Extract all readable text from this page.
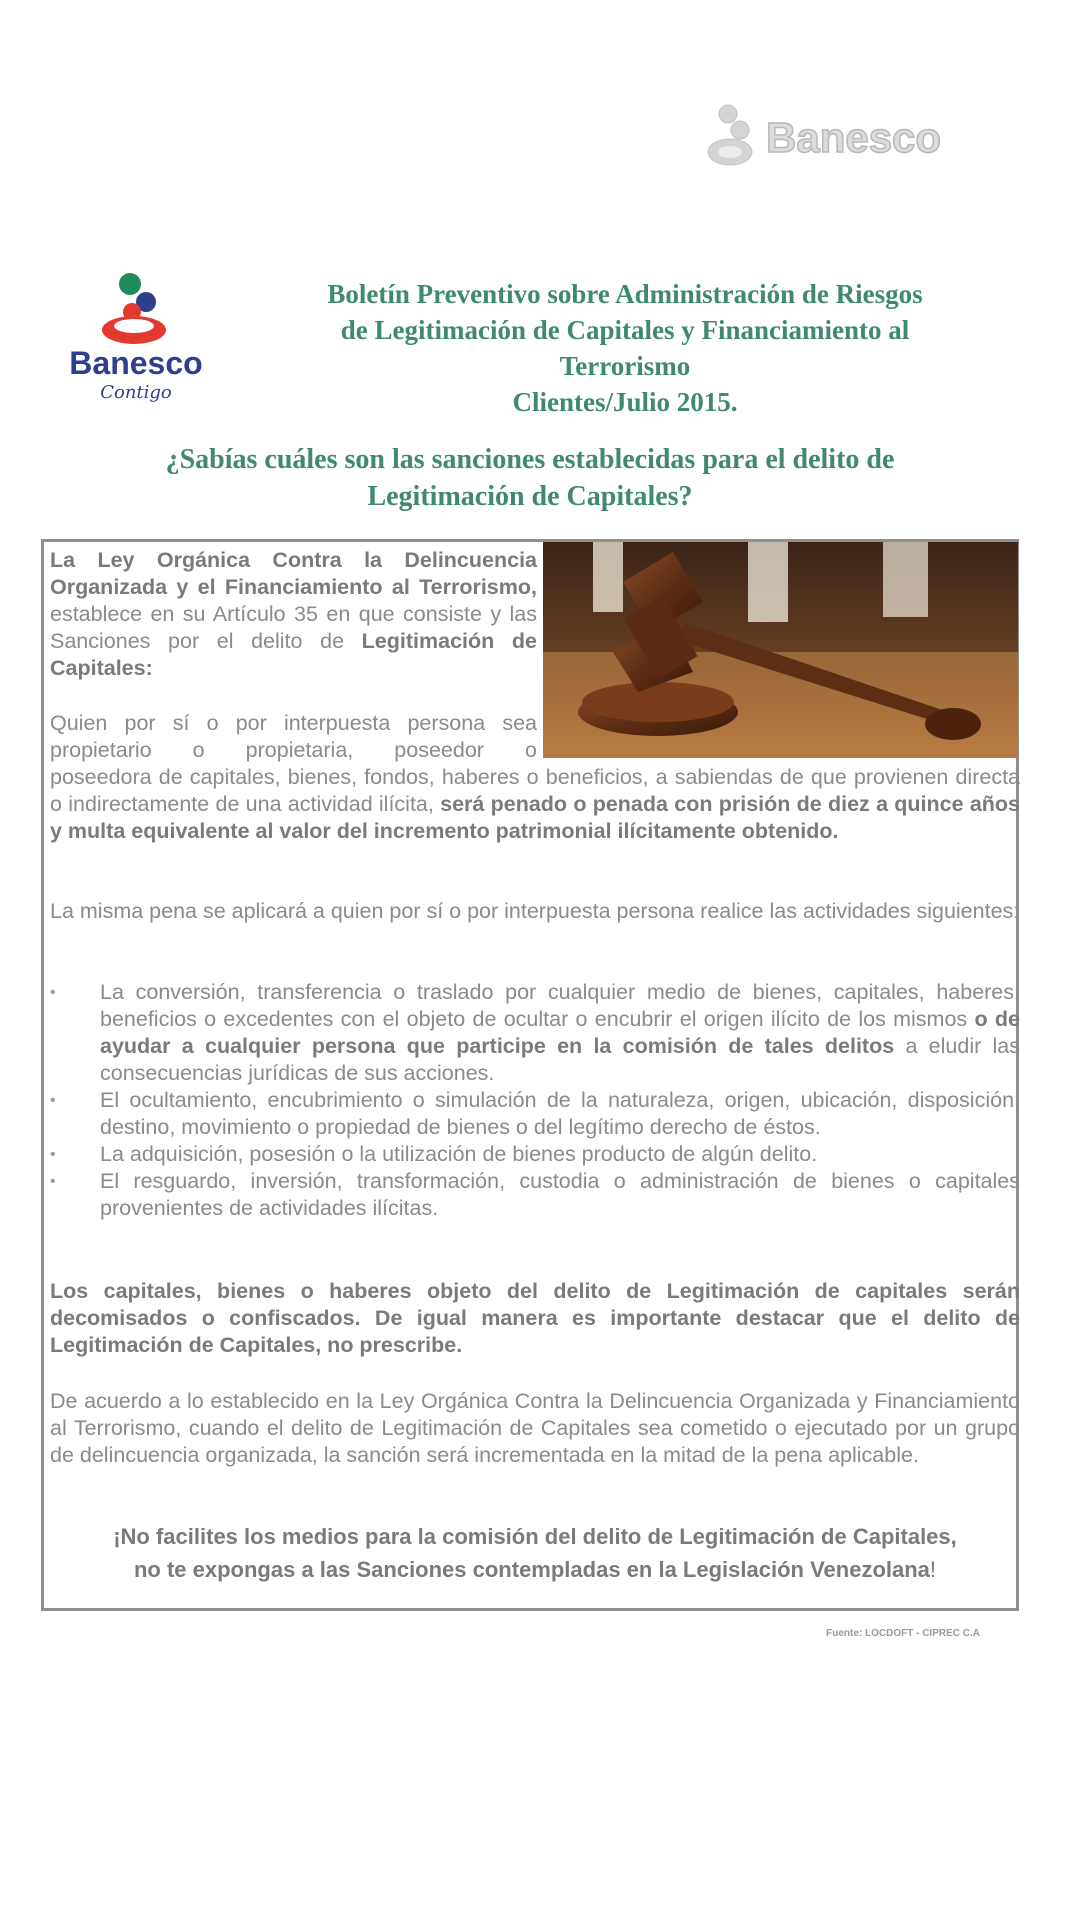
Banesco
Banesco
Contigo
Boletín Preventivo sobre Administración de Riesgos
de Legitimación de Capitales y Financiamiento al
Terrorismo
Clientes/Julio 2015.
¿Sabías cuáles son las sanciones establecidas para el delito de
Legitimación de Capitales?
La Ley Orgánica Contra la Delincuencia Organizada y el Financiamiento al Terrorismo, establece en su Artículo 35 en que consiste y las Sanciones por el delito de Legitimación de Capitales:
Quien por sí o por interpuesta persona sea propietario o propietaria, poseedor o
poseedora de capitales, bienes, fondos, haberes o beneficios, a sabiendas de que provienen directa o indirectamente de una actividad ilícita, será penado o penada con prisión de diez a quince años y multa equivalente al valor del incremento patrimonial ilícitamente obtenido.
La misma pena se aplicará a quien por sí o por interpuesta persona realice las actividades siguientes:
•	La conversión, transferencia o traslado por cualquier medio de bienes, capitales, haberes, beneficios o excedentes con el objeto de ocultar o encubrir el origen ilícito de los mismos o de ayudar a cualquier persona que participe en la comisión de tales delitos a eludir las consecuencias jurídicas de sus acciones.
•	El ocultamiento, encubrimiento o simulación de la naturaleza, origen, ubicación, disposición, destino, movimiento o propiedad de bienes o del legítimo derecho de éstos.
•	La adquisición, posesión o la utilización de bienes producto de algún delito.
•	El resguardo, inversión, transformación, custodia o administración de bienes o capitales provenientes de actividades ilícitas.
Los capitales, bienes o haberes objeto del delito de Legitimación de capitales serán decomisados o confiscados. De igual manera es importante destacar que el delito de Legitimación de Capitales, no prescribe.
De acuerdo a lo establecido en la Ley Orgánica Contra la Delincuencia Organizada y Financiamiento al Terrorismo, cuando el delito de Legitimación de Capitales sea cometido o ejecutado por un grupo de delincuencia organizada, la sanción será incrementada en la mitad de la pena aplicable.
¡No facilites los medios para la comisión del delito de Legitimación de Capitales,
no te expongas a las Sanciones contempladas en la Legislación Venezolana!
Fuente: LOCDOFT - CIPREC C.A
